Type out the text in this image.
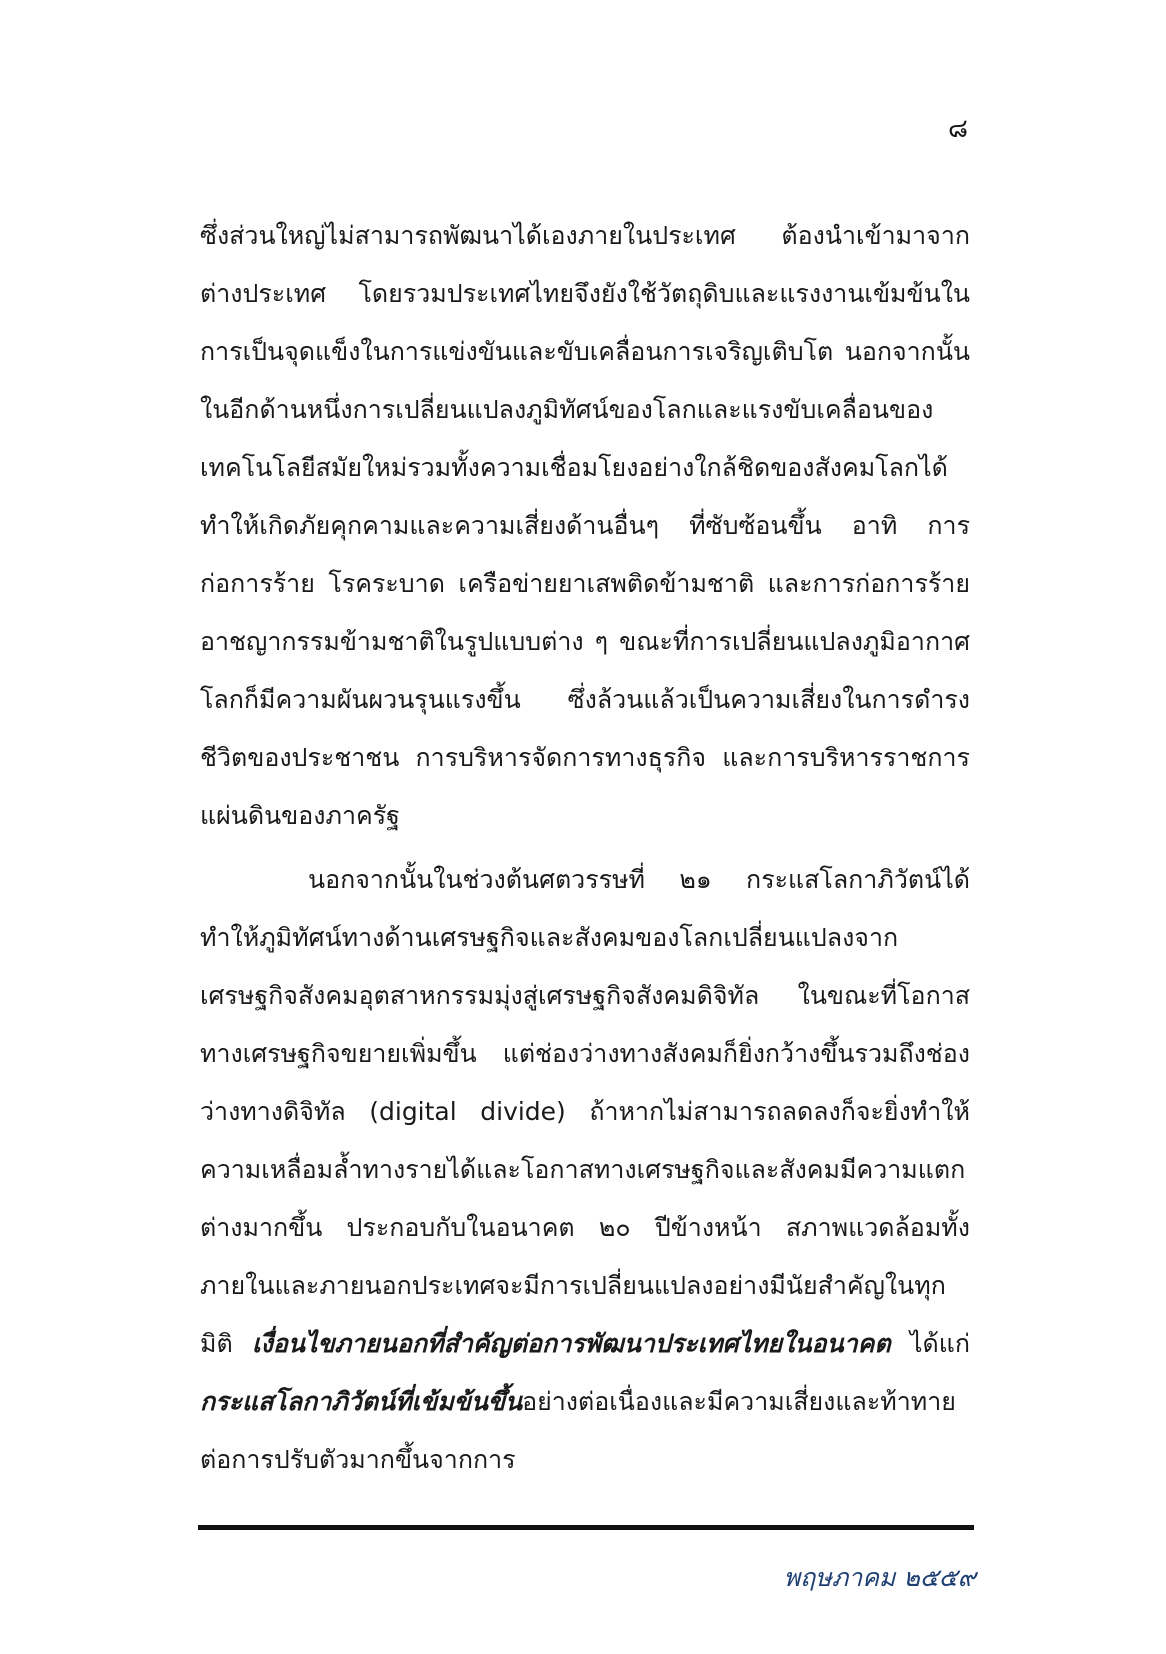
๘

ซึ่งส่วนใหญ่ไม่สามารถพัฒนาได้เองภายในประเทศ ต้องนำเข้ามาจากต่างประเทศ โดยรวมประเทศไทยจึงยังใช้วัตถุดิบและแรงงานเข้มข้นในการเป็นจุดแข็งในการแข่งขันและขับเคลื่อนการเจริญเติบโต นอกจากนั้น ในอีกด้านหนึ่งการเปลี่ยนแปลงภูมิทัศน์ของโลกและแรงขับเคลื่อนของเทคโนโลยีสมัยใหม่รวมทั้งความเชื่อมโยงอย่างใกล้ชิดของสังคมโลกได้ทำให้เกิดภัยคุกคามและความเสี่ยงด้านอื่นๆ ที่ซับซ้อนขึ้น อาทิ การก่อการร้าย โรคระบาด เครือข่ายยาเสพติดข้ามชาติ และการก่อการร้าย อาชญากรรมข้ามชาติในรูปแบบต่าง ๆ ขณะที่การเปลี่ยนแปลงภูมิอากาศโลกก็มีความผันผวนรุนแรงขึ้น ซึ่งล้วนแล้วเป็นความเสี่ยงในการดำรงชีวิตของประชาชน การบริหารจัดการทางธุรกิจ และการบริหารราชการแผ่นดินของภาครัฐ

นอกจากนั้นในช่วงต้นศตวรรษที่ ๒๑ กระแสโลกาภิวัตน์ได้ทำให้ภูมิทัศน์ทางด้านเศรษฐกิจและสังคมของโลกเปลี่ยนแปลงจากเศรษฐกิจสังคมอุตสาหกรรมมุ่งสู่เศรษฐกิจสังคมดิจิทัล ในขณะที่โอกาสทางเศรษฐกิจขยายเพิ่มขึ้น แต่ช่องว่างทางสังคมก็ยิ่งกว้างขึ้นรวมถึงช่องว่างทางดิจิทัล (digital divide) ถ้าหากไม่สามารถลดลงก็จะยิ่งทำให้ความเหลื่อมล้ำทางรายได้และโอกาสทางเศรษฐกิจและสังคมมีความแตกต่างมากขึ้น ประกอบกับในอนาคต ๒๐ ปีข้างหน้า สภาพแวดล้อมทั้งภายในและภายนอกประเทศจะมีการเปลี่ยนแปลงอย่างมีนัยสำคัญในทุกมิติ เงื่อนไขภายนอกที่สำคัญต่อการพัฒนาประเทศไทยในอนาคต ได้แก่ กระแสโลกาภิวัตน์ที่เข้มข้นขึ้นอย่างต่อเนื่องและมีความเสี่ยงและท้าทายต่อการปรับตัวมากขึ้นจากการ

พฤษภาคม ๒๕๕๙
